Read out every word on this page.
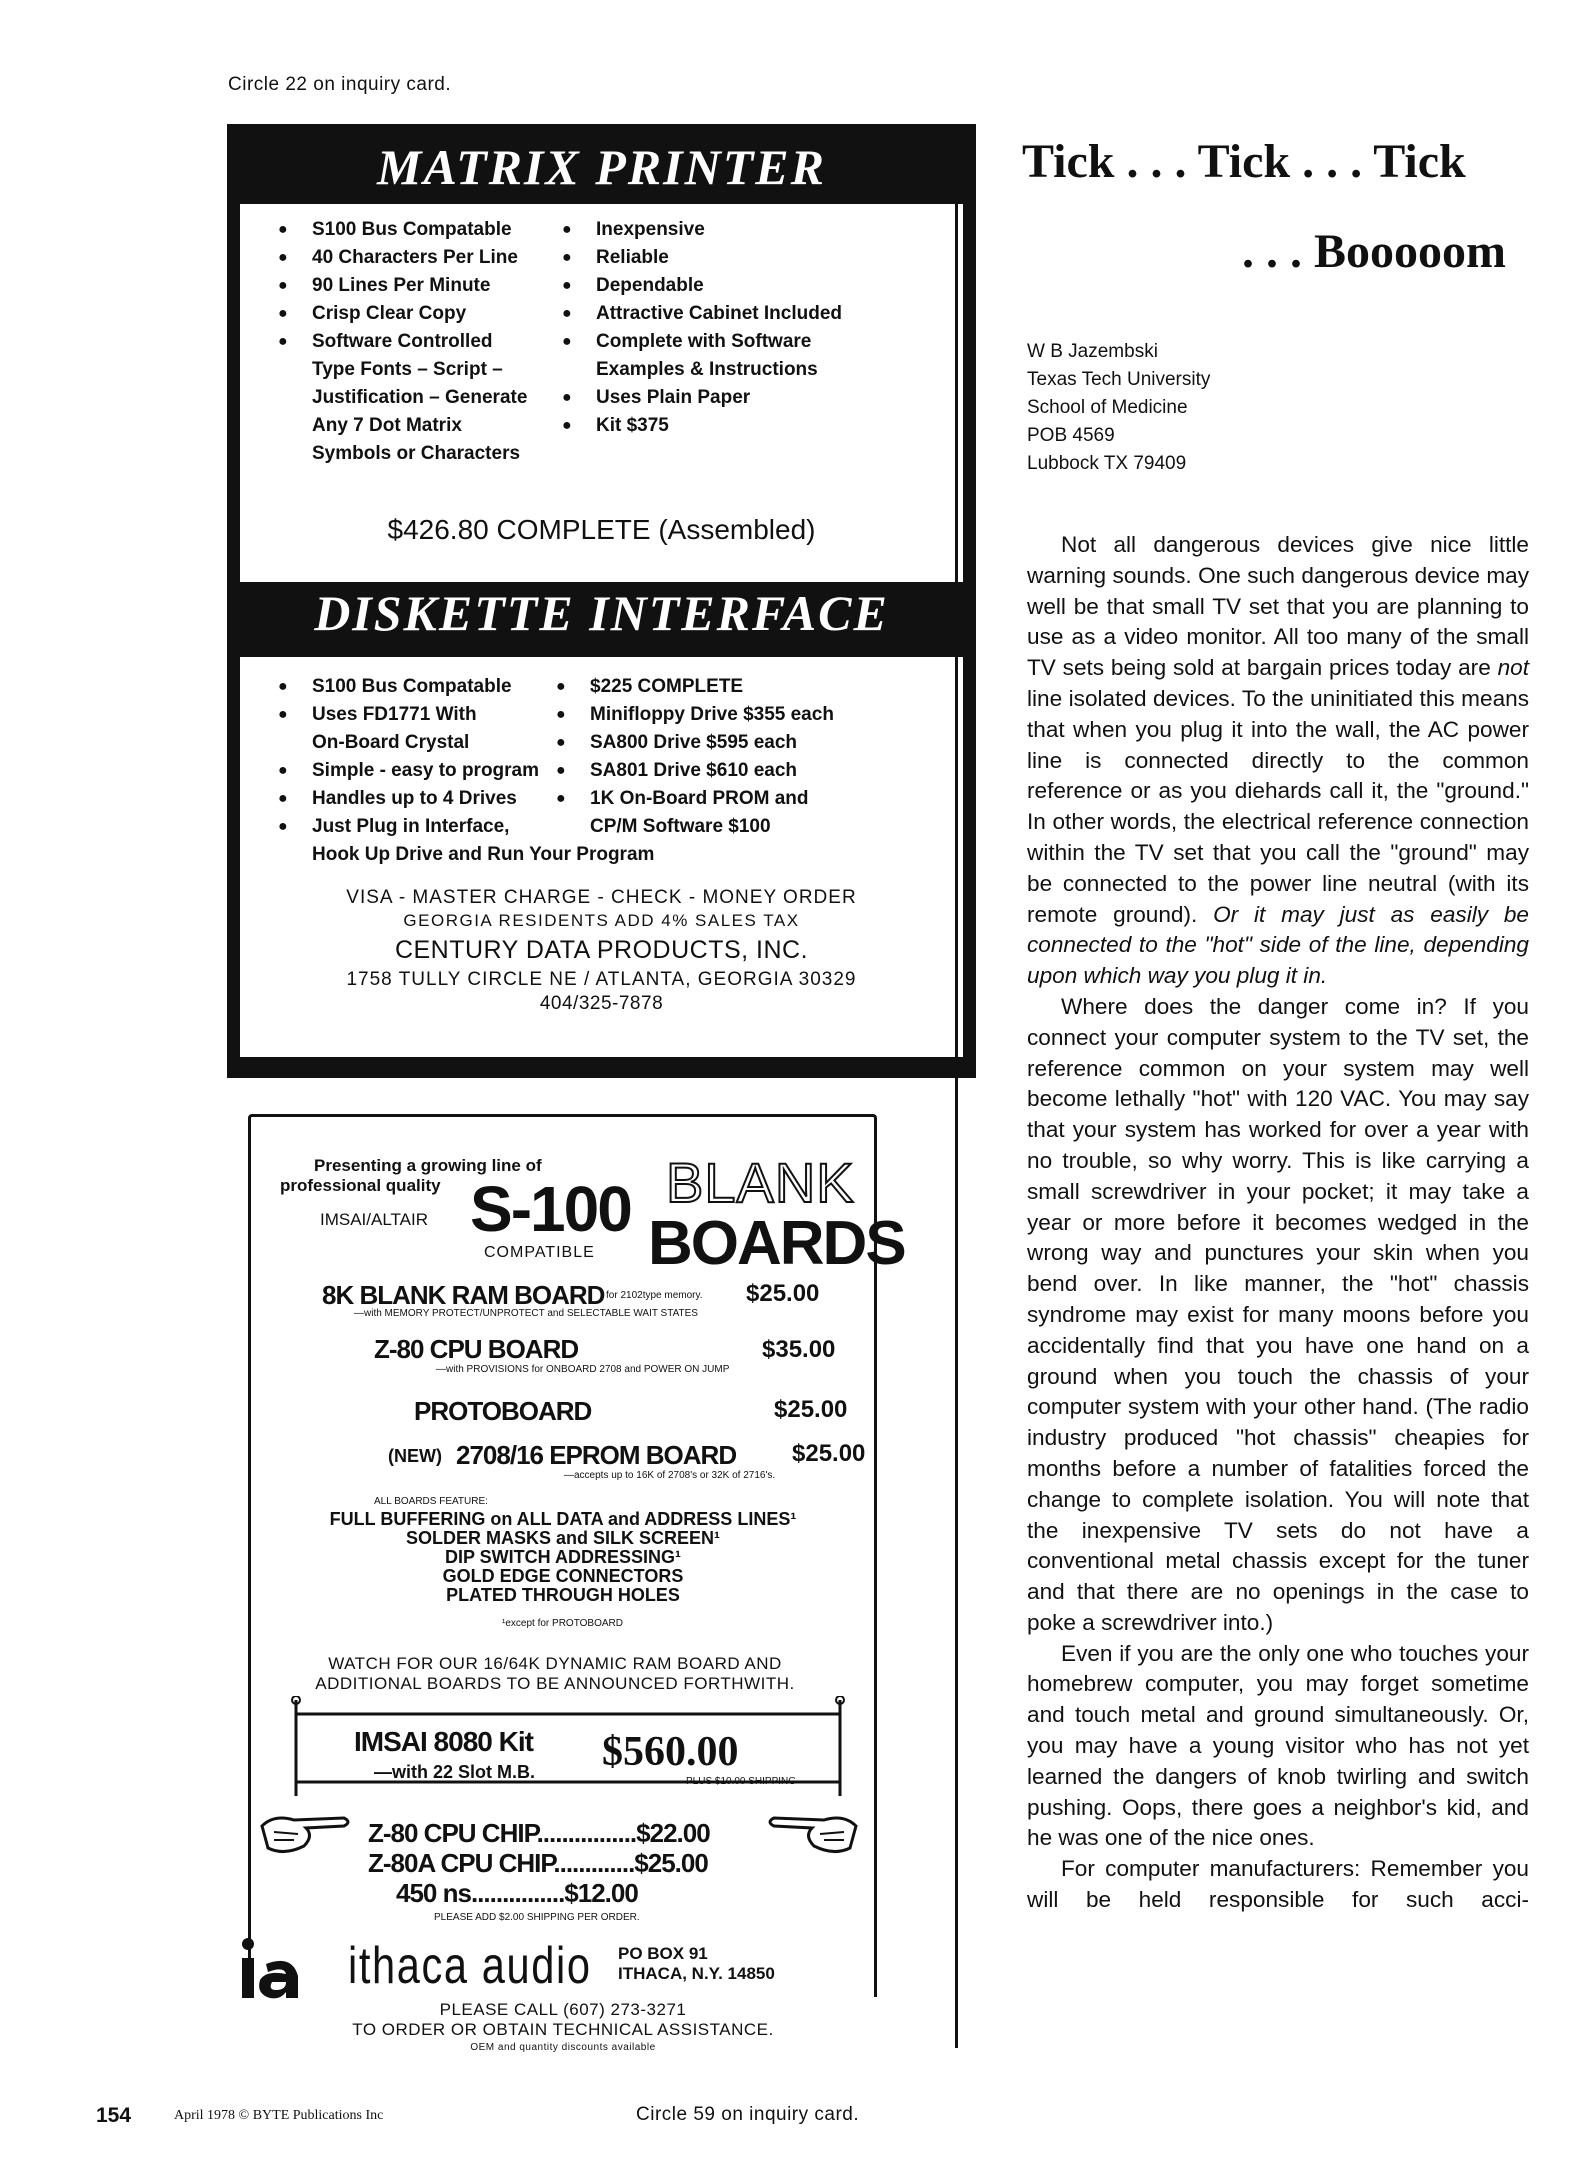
Circle 22 on inquiry card.
MATRIX PRINTER
●	S100 Bus Compatable
●	40 Characters Per Line
●	90 Lines Per Minute
●	Crisp Clear Copy
●	Software Controlled
Type Fonts – Script –
Justification – Generate
Any 7 Dot Matrix
Symbols or Characters
●	Inexpensive
●	Reliable
●	Dependable
●	Attractive Cabinet Included
●	Complete with Software
Examples & Instructions
●	Uses Plain Paper
●	Kit $375
$426.80 COMPLETE (Assembled)
DISKETTE INTERFACE
●	S100 Bus Compatable
●	Uses FD1771 With
On-Board Crystal
●	Simple - easy to program
●	Handles up to 4 Drives
●	Just Plug in Interface,
Hook Up Drive and Run Your Program
●	$225 COMPLETE
●	Minifloppy Drive $355 each
●	SA800 Drive $595 each
●	SA801 Drive $610 each
●	1K On-Board PROM and
CP/M Software $100
VISA - MASTER CHARGE - CHECK - MONEY ORDER
GEORGIA RESIDENTS ADD 4% SALES TAX
CENTURY DATA PRODUCTS, INC.
1758 TULLY CIRCLE NE / ATLANTA, GEORGIA 30329
404/325-7878
Presenting a growing line of
professional quality
IMSAI/ALTAIR S-100
COMPATIBLE
BLANK
BOARDS
8K BLANK RAM BOARD for 2102type memory. $25.00
—with MEMORY PROTECT/UNPROTECT and SELECTABLE WAIT STATES
Z-80 CPU BOARD	$35.00
—with PROVISIONS for ONBOARD 2708 and POWER ON JUMP
PROTOBOARD	$25.00
(NEW) 2708/16 EPROM BOARD $25.00
—accepts up to 16K of 2708's or 32K of 2716's.
ALL BOARDS FEATURE:
FULL BUFFERING on ALL DATA and ADDRESS LINES¹
SOLDER MASKS and SILK SCREEN¹
DIP SWITCH ADDRESSING¹
GOLD EDGE CONNECTORS
PLATED THROUGH HOLES
¹except for PROTOBOARD
WATCH FOR OUR 16/64K DYNAMIC RAM BOARD AND
ADDITIONAL BOARDS TO BE ANNOUNCED FORTHWITH.
IMSAI 8080 Kit
—with 22 Slot M.B. $560.00
PLUS $10.00 SHIPPING
Z-80 CPU CHIP................$22.00
Z-80A CPU CHIP.............$25.00
450 ns...............$12.00
PLEASE ADD $2.00 SHIPPING PER ORDER.
ithaca audio PO BOX 91
ITHACA, N.Y. 14850
PLEASE CALL (607) 273-3271
TO ORDER OR OBTAIN TECHNICAL ASSISTANCE.
OEM and quantity discounts available
Tick . . . Tick . . . Tick
. . . Booooom
W B Jazembski
Texas Tech University
School of Medicine
POB 4569
Lubbock TX 79409

Not all dangerous devices give nice little warning sounds. One such dangerous device may well be that small TV set that you are planning to use as a video monitor. All too many of the small TV sets being sold at bargain prices today are not line isolated devices. To the uninitiated this means that when you plug it into the wall, the AC power line is connected directly to the common reference or as you diehards call it, the "ground." In other words, the electrical reference connection within the TV set that you call the "ground" may be connected to the power line neutral (with its remote ground). Or it may just as easily be connected to the "hot" side of the line, depending upon which way you plug it in.

Where does the danger come in? If you connect your computer system to the TV set, the reference common on your system may well become lethally "hot" with 120 VAC. You may say that your system has worked for over a year with no trouble, so why worry. This is like carrying a small screwdriver in your pocket; it may take a year or more before it becomes wedged in the wrong way and punctures your skin when you bend over. In like manner, the "hot" chassis syndrome may exist for many moons before you accidentally find that you have one hand on a ground when you touch the chassis of your computer system with your other hand. (The radio industry produced "hot chassis" cheapies for months before a number of fatalities forced the change to complete isolation. You will note that the inexpensive TV sets do not have a conventional metal chassis except for the tuner and that there are no openings in the case to poke a screwdriver into.)

Even if you are the only one who touches your homebrew computer, you may forget sometime and touch metal and ground simultaneously. Or, you may have a young visitor who has not yet learned the dangers of knob twirling and switch pushing. Oops, there goes a neighbor's kid, and he was one of the nice ones.

For computer manufacturers: Remember you will be held responsible for such acci-

154	April 1978 © BYTE Publications Inc	Circle 59 on inquiry card.
